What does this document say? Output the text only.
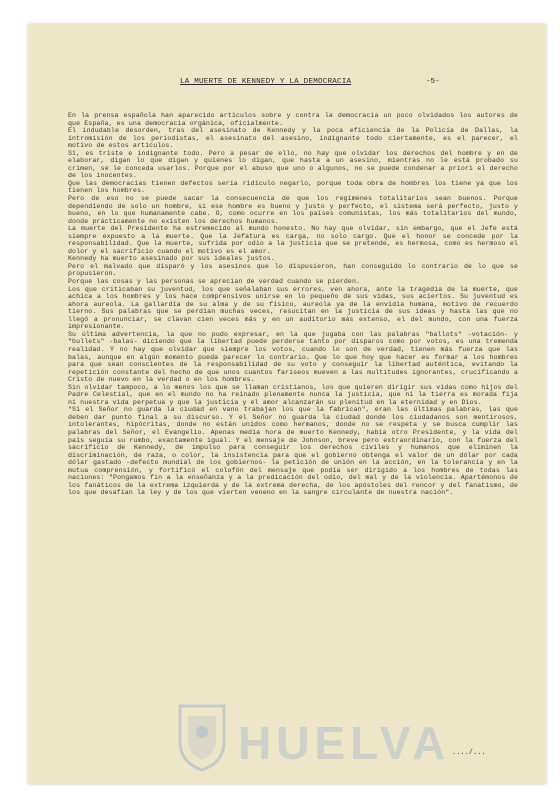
LA MUERTE DE KENNEDY Y LA DEMOCRACIA	-5-

En la prensa española han aparecido artículos sobre y contra la democracia un poco olvidados los autores de que España, es una democracia orgánica, oficialmente.

El indudable desorden, tras del asesinato de Kennedy y la poca eficiencia de la Policía de Dallas, la intromisión de los periodistas, el asesinato del asesino, indignante todo ciertamente, es el parecer, el motivo de estos artículos.

Sí, es triste e indignante todo. Pero a pesar de ello, no hay que olvidar los derechos del hombre y en de elaborar, digan lo que digan y quienes lo digan, que hasta a un asesino, mientras no le está probado su crimen, se le conceda usarlos. Porque por el abuso que uno o algunos, no se puede condenar a priori el derecho de los inocentes.

Que las democracias tienen defectos sería ridículo negarlo, porque toda obra de hombres los tiene ya que los tienen los hombres.

Pero de eso no se puede sacar la consecuencia de que los regímenes totalitarios sean buenos. Porque dependiendo de solo un hombre, si ese hombre es bueno y justo y perfecto, el sistema será perfecto, justo y bueno, en lo que humanamente cabe. O, como ocurre en los países comunistas, los más totalitarios del mundo, donde prácticamente no existen los derechos humanos.

La muerte del Presidente ha estremecido al mundo honesto. No hay que olvidar, sin embargo, que el Jefe está siempre expuesto a la muerte. Que la Jefatura es carga, no solo cargo. Que el honor se concede por la responsabilidad. Que la muerte, sufrida por odio a la justicia que se pretende, es hermosa, como es hermoso el dolor y el sacrificio cuando el motivo es el amor.

Kennedy ha muerto asesinado por sus ideales justos.

Pero el malvado que disparó y los asesinos que lo dispusieron, han conseguido lo contrario de lo que se propusieron.

Porque las cosas y las personas se aprecian de verdad cuando se pierden.

Los que criticaban su juventud, los que señalaban sus errores, ven ahora, ante la tragedia de la muerte, que achica a los hombres y los hace comprensivos unirse en lo pequeño de sus vidas, sus aciertos. Su juventud es ahora aureola. La gallardía de su alma y de su físico, aureola ya de la envidia humana, motivo de recuerdo tierno. Sus palabras que se perdían muchas veces, resucitan en la justicia de sus ideas y hasta las que no llegó a pronunciar, se clavan cien veces más y en un auditorio más extenso, el del mundo, con una fuerza impresionante.

Su última advertencia, la que no pudo expresar, en la que jugaba con las palabras "ballots" -votación- y "bullets" -balas- diciendo que la libertad puede perderse tanto por disparos como por votos, es una tremenda realidad. Y no hay que olvidar que siempre los votos, cuando lo son de verdad, tienen más fuerza que las balas, aunque en algún momento pueda parecer lo contrario. Que lo que hoy que hacer es formar a los hombres para que sean conscientes de la responsabilidad de su voto y conseguir la libertad auténtica, evitando la repetición constante del hecho de que unos cuantos fariseos mueven a las multitudes ignorantes, crucificando a Cristo de nuevo en la verdad o en los hombres.

Sin olvidar tampoco, a lo menos los que se llaman cristianos, los que quieren dirigir sus vidas como hijos del Padre Celestial, que en el mundo no ha reinado plenamente nunca la justicia, que ni la tierra es morada fija ni nuestra vida perpetua y que la justicia y el amor alcanzarán su plenitud en la eternidad y en Dios.

"Si el Señor no guarda la ciudad en vano trabajan los que la fabrican", eran las últimas palabras, las que deben dar punto final a su discurso. Y el Señor no guarda la ciudad donde los ciudadanos son mentirosos, intolerantes, hipócritas, donde no están unidos como hermanos, donde no se respeta y se busca cumplir las palabras del Señor, el Evangelio. Apenas media hora de muerto Kennedy, había otro Presidente, y la vida del país seguía su rumbo, exactamente igual. Y el mensaje de Johnson, breve pero extraordinario, con la fuerza del sacrificio de Kennedy, de impulso para conseguir los derechos civiles y humanos que eliminen la discriminación, de raza, o color, la insistencia para que el gobierno obtenga el valor de un dólar por cada dólar gastado -defecto mundial de los gobiernos- la petición de unión en la acción, en la tolerancia y en la mutua comprensión, y fortificó el colofón del mensaje que podía ser dirigido a los hombres de todas las naciones: "Pongamos fin a la enseñanza y a la predicación del odio, del mal y de la violencia. Apartémonos de los fanáticos de la extrema izquierda y de la extrema derecha, de los apóstoles del rencor y del fanatismo, de los que desafían la ley y de los que vierten veneno en la sangre circulante de nuestra nación".

..../...
HUELVA
